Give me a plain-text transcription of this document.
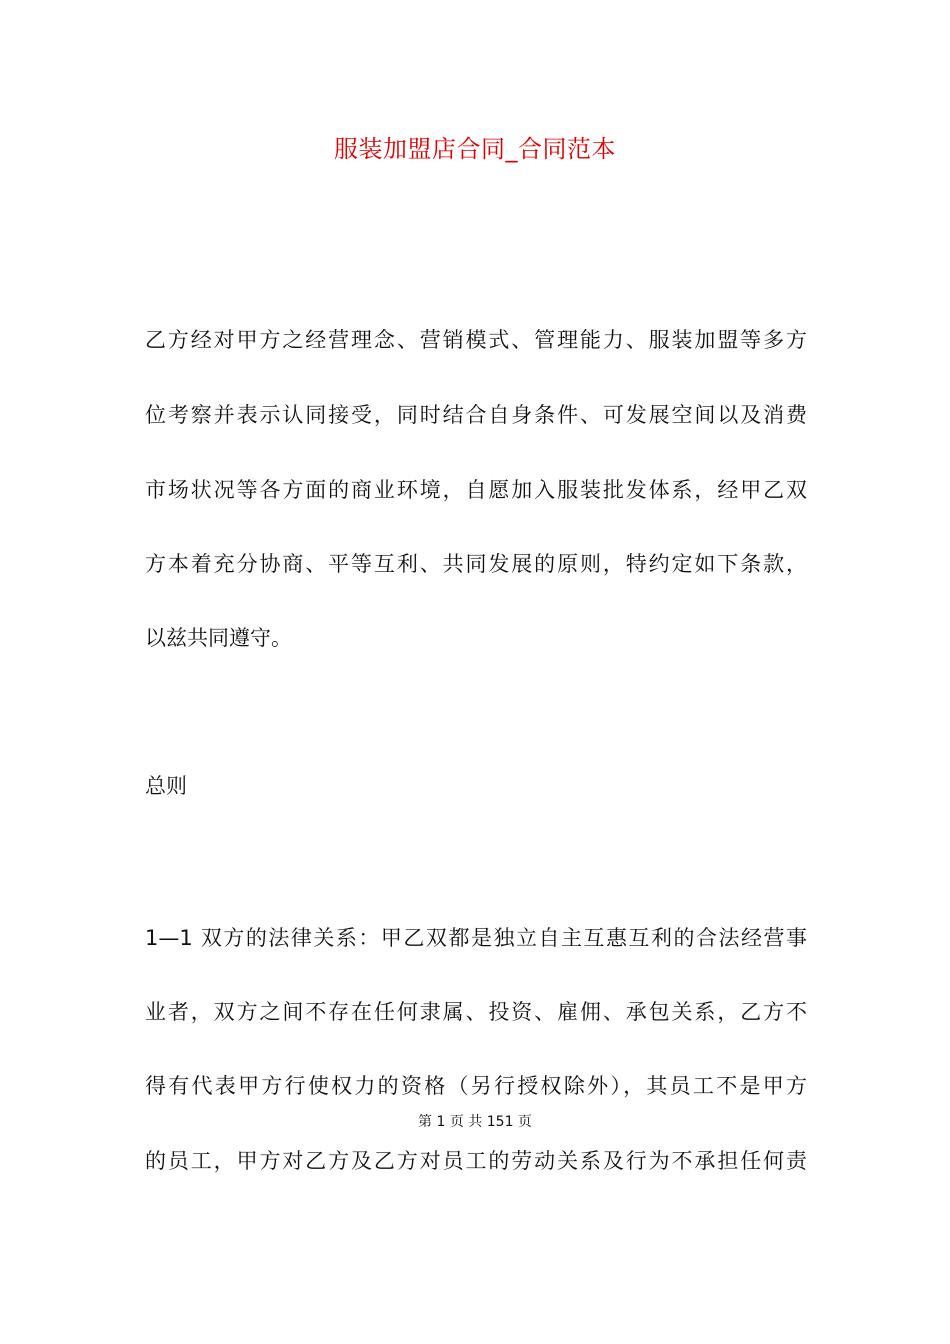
服装加盟店合同_合同范本
乙方经对甲方之经营理念、营销模式、管理能力、服装加盟等多方
位考察并表示认同接受，同时结合自身条件、可发展空间以及消费
市场状况等各方面的商业环境，自愿加入服装批发体系，经甲乙双
方本着充分协商、平等互利、共同发展的原则，特约定如下条款，
以兹共同遵守。
总则
1—1 双方的法律关系：甲乙双都是独立自主互惠互利的合法经营事
业者，双方之间不存在任何隶属、投资、雇佣、承包关系，乙方不
得有代表甲方行使权力的资格（另行授权除外），其员工不是甲方
第 1 页 共 151 页
的员工，甲方对乙方及乙方对员工的劳动关系及行为不承担任何责
